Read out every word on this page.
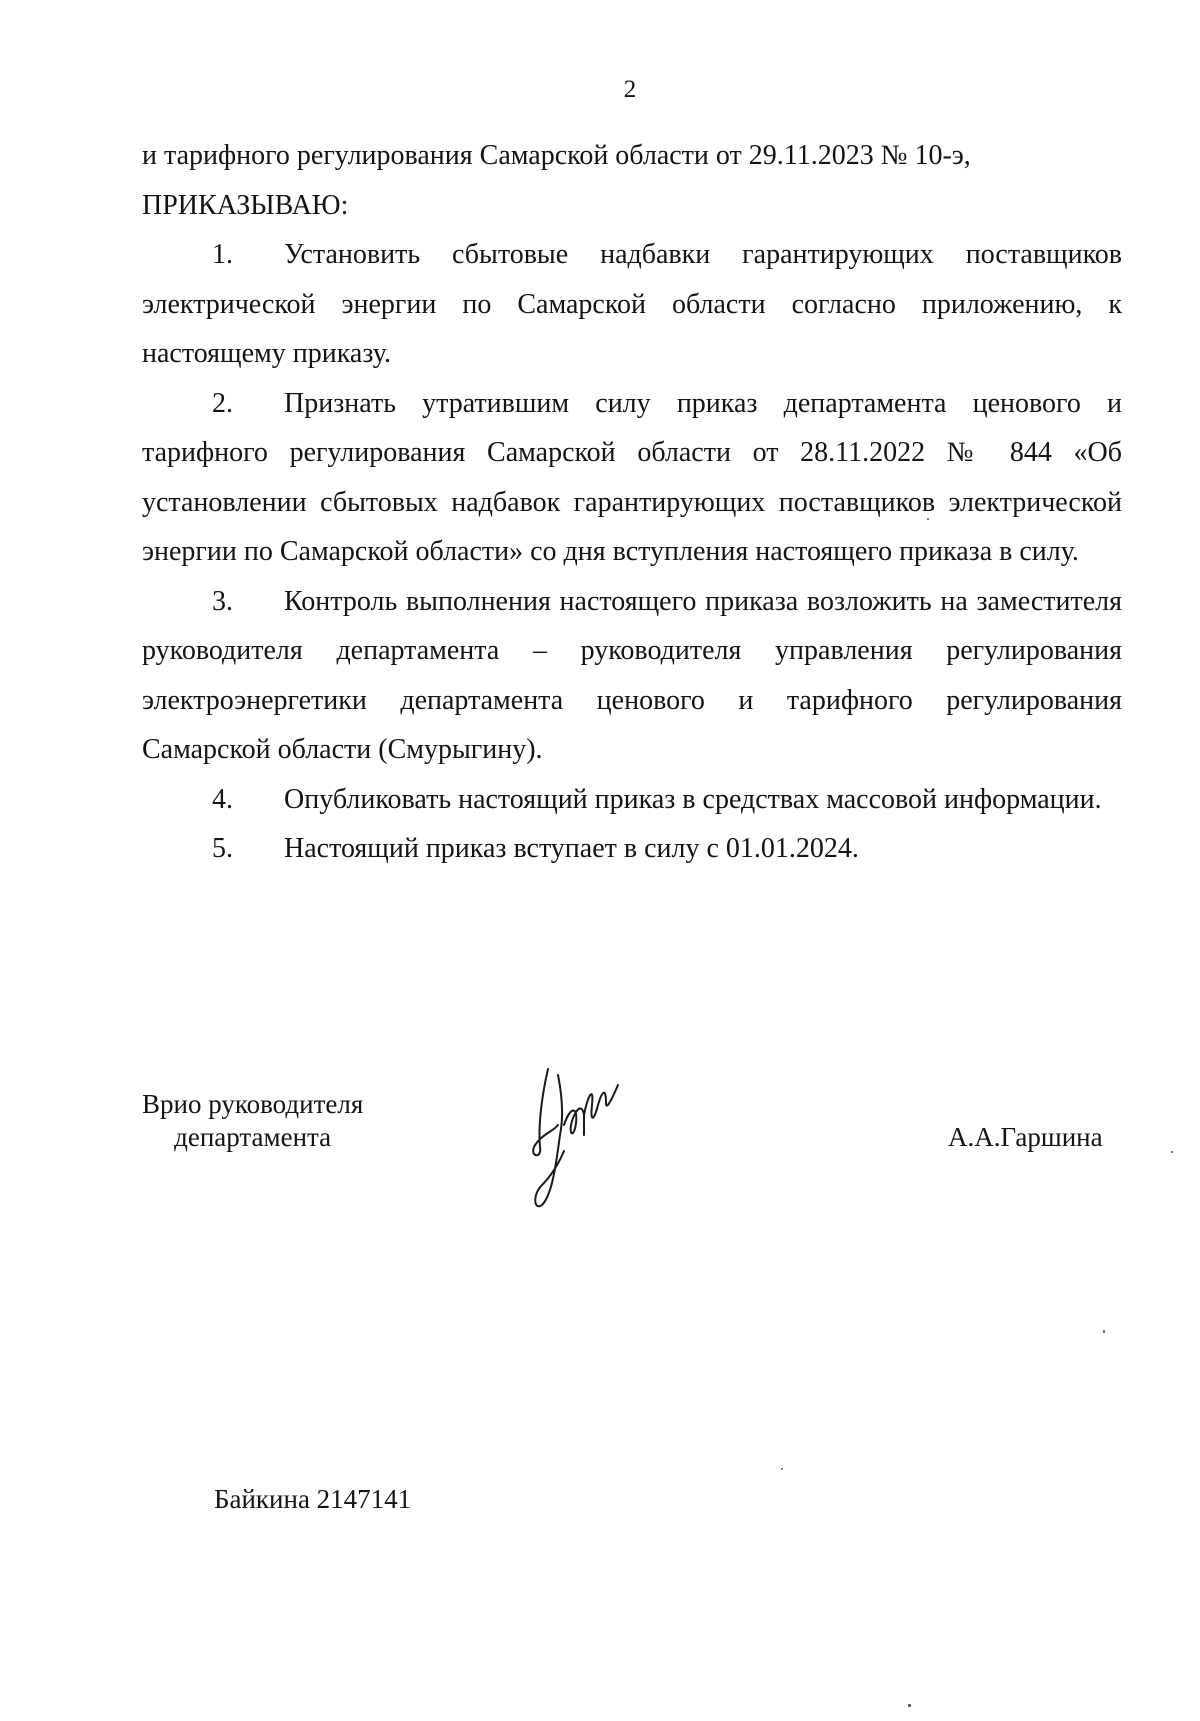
2

и тарифного регулирования Самарской области от 29.11.2023 № 10-э,
ПРИКАЗЫВАЮ:

1. Установить сбытовые надбавки гарантирующих поставщиков электрической энергии по Самарской области согласно приложению, к настоящему приказу.

2. Признать утратившим силу приказ департамента ценового и тарифного регулирования Самарской области от 28.11.2022 № 844 «Об установлении сбытовых надбавок гарантирующих поставщиков электрической энергии по Самарской области» со дня вступления настоящего приказа в силу.

3. Контроль выполнения настоящего приказа возложить на заместителя руководителя департамента – руководителя управления регулирования электроэнергетики департамента ценового и тарифного регулирования Самарской области (Смурыгину).

4. Опубликовать настоящий приказ в средствах массовой информации.

5. Настоящий приказ вступает в силу с 01.01.2024.

Врио руководителя
департамента	А.А.Гаршина
Байкина 2147141
